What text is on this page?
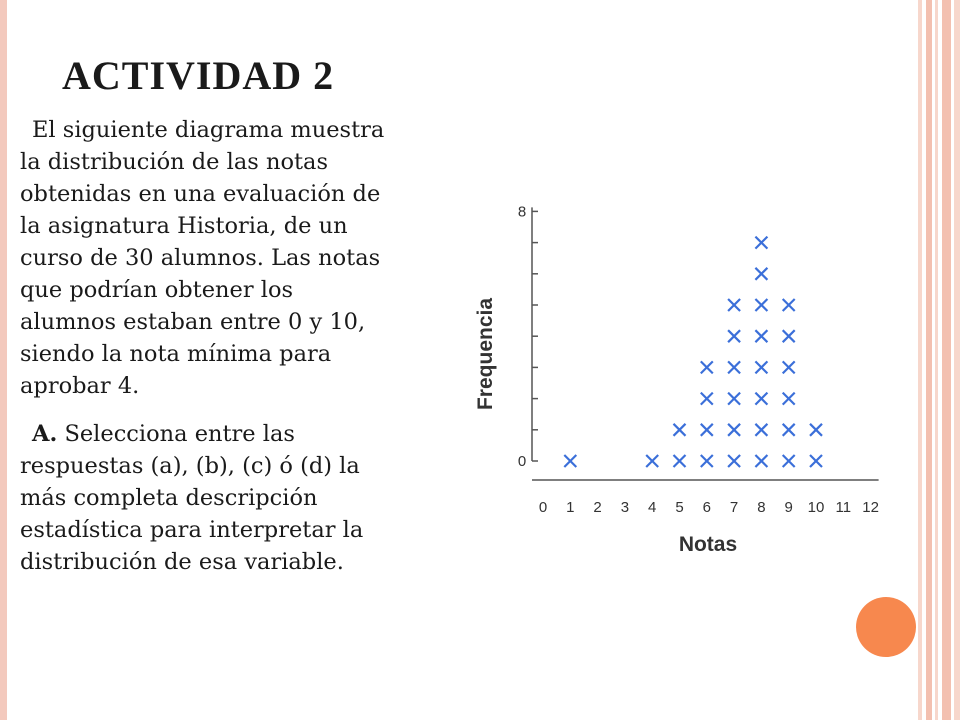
ACTIVIDAD 2
El siguiente diagrama muestra
la distribución de las notas
obtenidas en una evaluación de
la asignatura Historia, de un
curso de 30 alumnos. Las notas
que podrían obtener los
alumnos estaban entre 0 y 10,
siendo la nota mínima para
aprobar 4.
A. Selecciona entre las
respuestas (a), (b), (c) ó (d) la
más completa descripción
estadística para interpretar la
distribución de esa variable.
0
8
0 1 2 3 4 5 6 7 8 9 10 11 12
Frequencia
Notas
